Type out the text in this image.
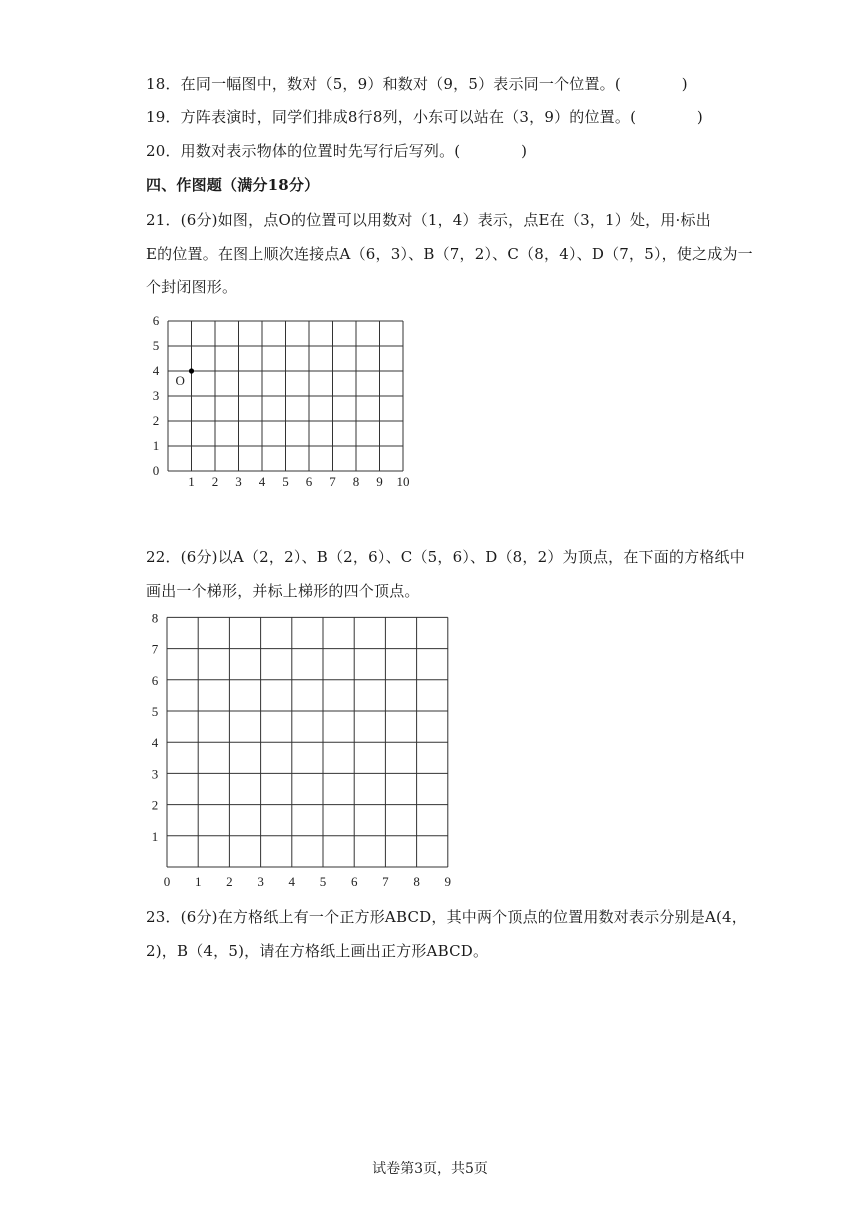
18．在同一幅图中，数对（5，9）和数对（9，5）表示同一个位置。(　　　　)
19．方阵表演时，同学们排成8行8列，小东可以站在（3，9）的位置。(　　　　)
20．用数对表示物体的位置时先写行后写列。(　　　　)
四、作图题（满分18分）
21．(6分)如图，点O的位置可以用数对（1，4）表示，点E在（3，1）处，用·标出
E的位置。在图上顺次连接点A（6，3）、B（7，2）、C（8，4）、D（7，5），使之成为一
个封闭图形。
1 2 3 4 5 6 7 8 9 10
0
1
2
3
4
5
6
O
22．(6分)以A（2，2）、B（2，6）、C（5，6）、D（8，2）为顶点，在下面的方格纸中
画出一个梯形，并标上梯形的四个顶点。
0 1 2 3 4 5 6 7 8 9
1
2
3
4
5
6
7
8
23．(6分)在方格纸上有一个正方形ABCD，其中两个顶点的位置用数对表示分别是A(4，
2)，B（4，5)，请在方格纸上画出正方形ABCD。
试卷第3页，共5页
